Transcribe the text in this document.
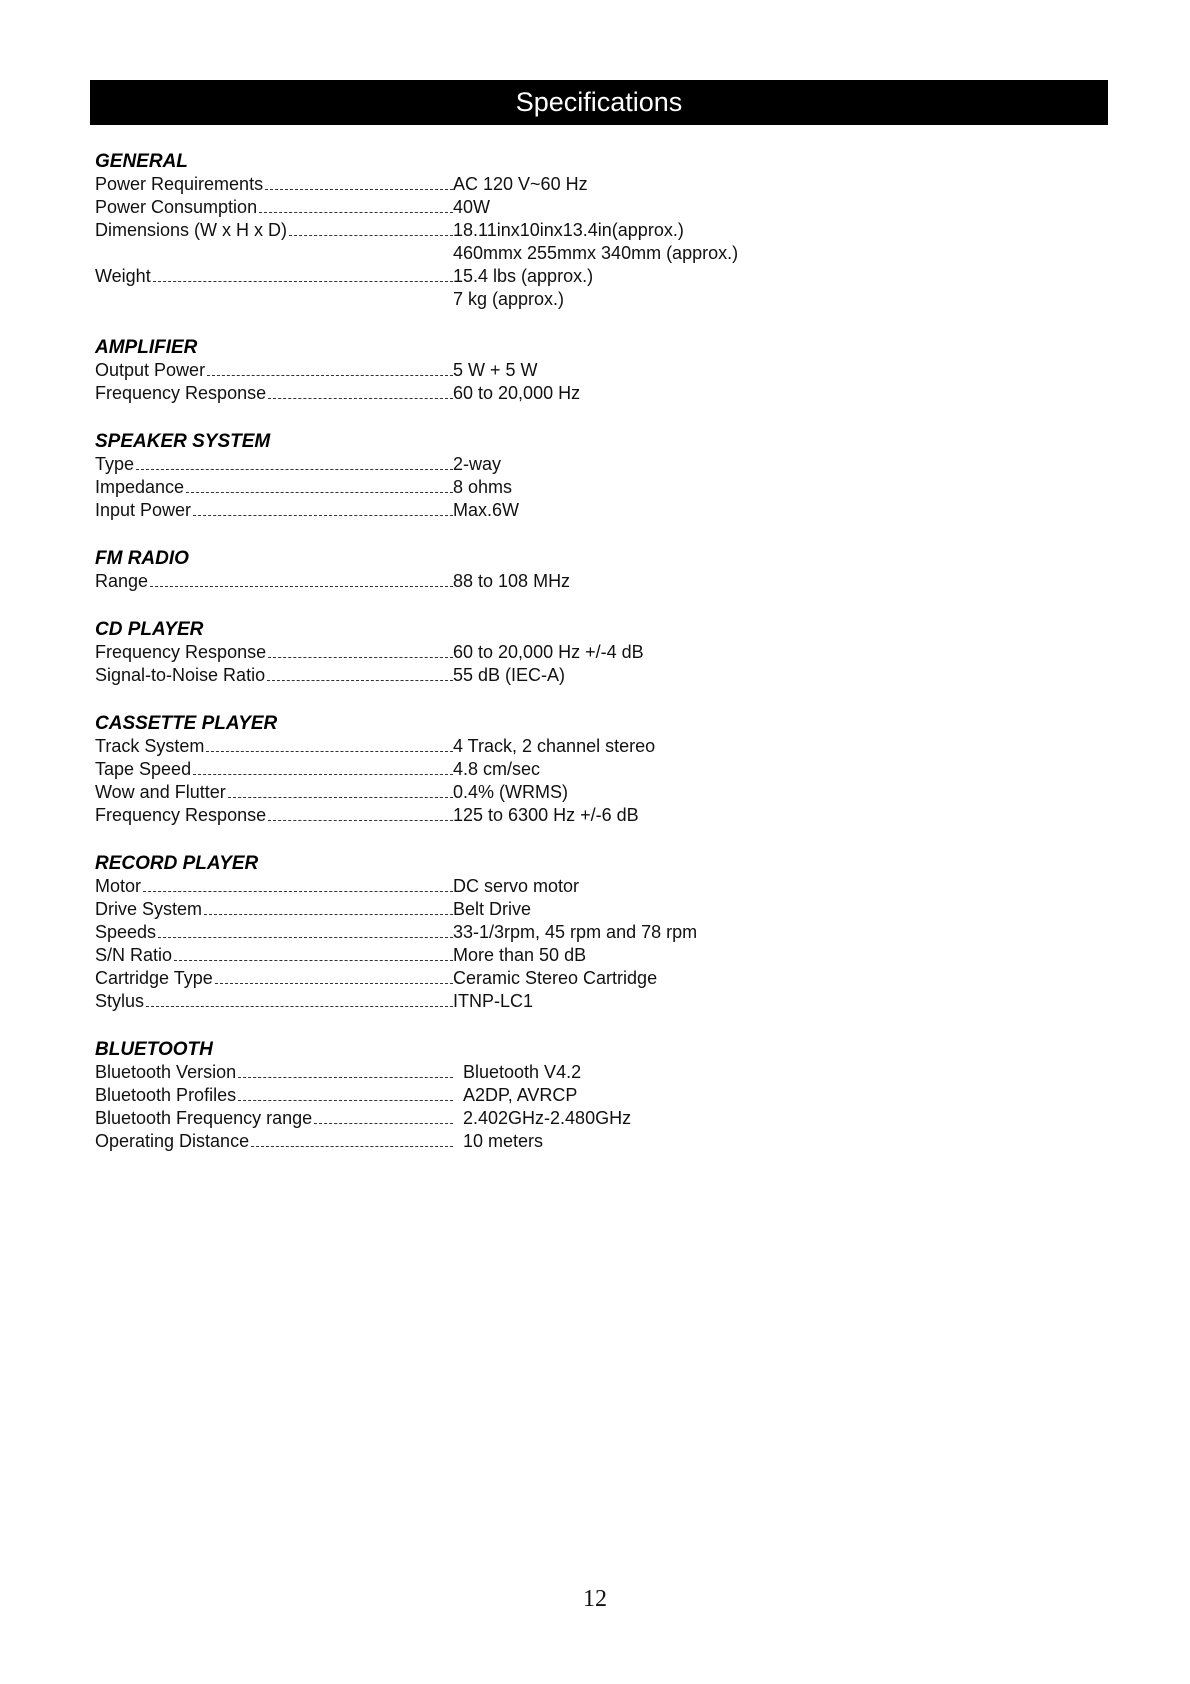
Specifications
GENERAL
Power Requirements	AC 120 V~60 Hz
Power Consumption	40W
Dimensions (W x H x D)	18.11inx10inx13.4in(approx.)
460mmx 255mmx 340mm (approx.)
Weight	15.4 lbs (approx.)
7 kg (approx.)
AMPLIFIER
Output Power	5 W + 5 W
Frequency Response	60 to 20,000 Hz
SPEAKER SYSTEM
Type	2-way
Impedance	8 ohms
Input Power	Max.6W
FM RADIO
Range	88 to 108 MHz
CD PLAYER
Frequency Response	60 to 20,000 Hz +/-4 dB
Signal-to-Noise Ratio	55 dB (IEC-A)
CASSETTE PLAYER
Track System	4 Track, 2 channel stereo
Tape Speed	4.8 cm/sec
Wow and Flutter	0.4% (WRMS)
Frequency Response	125 to 6300 Hz +/-6 dB
RECORD PLAYER
Motor	DC servo motor
Drive System	Belt Drive
Speeds	33-1/3rpm, 45 rpm and 78 rpm
S/N Ratio	More than 50 dB
Cartridge Type	Ceramic Stereo Cartridge
Stylus	ITNP-LC1
BLUETOOTH
Bluetooth Version	Bluetooth V4.2
Bluetooth Profiles	A2DP, AVRCP
Bluetooth Frequency range	2.402GHz-2.480GHz
Operating Distance	10 meters
12
